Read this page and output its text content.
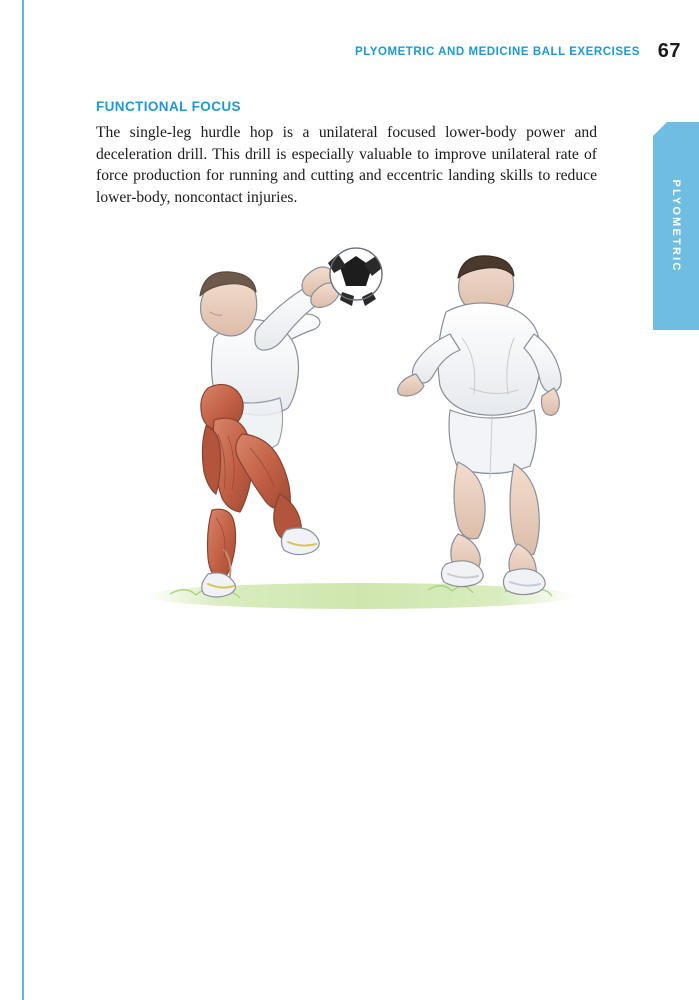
PLYOMETRIC AND MEDICINE BALL EXERCISES 67
PLYOMETRIC
FUNCTIONAL FOCUS
The single-leg hurdle hop is a unilateral focused lower-body power and deceleration drill. This drill is especially valuable to improve unilateral rate of force production for running and cutting and eccentric landing skills to reduce lower-body, noncontact injuries.
